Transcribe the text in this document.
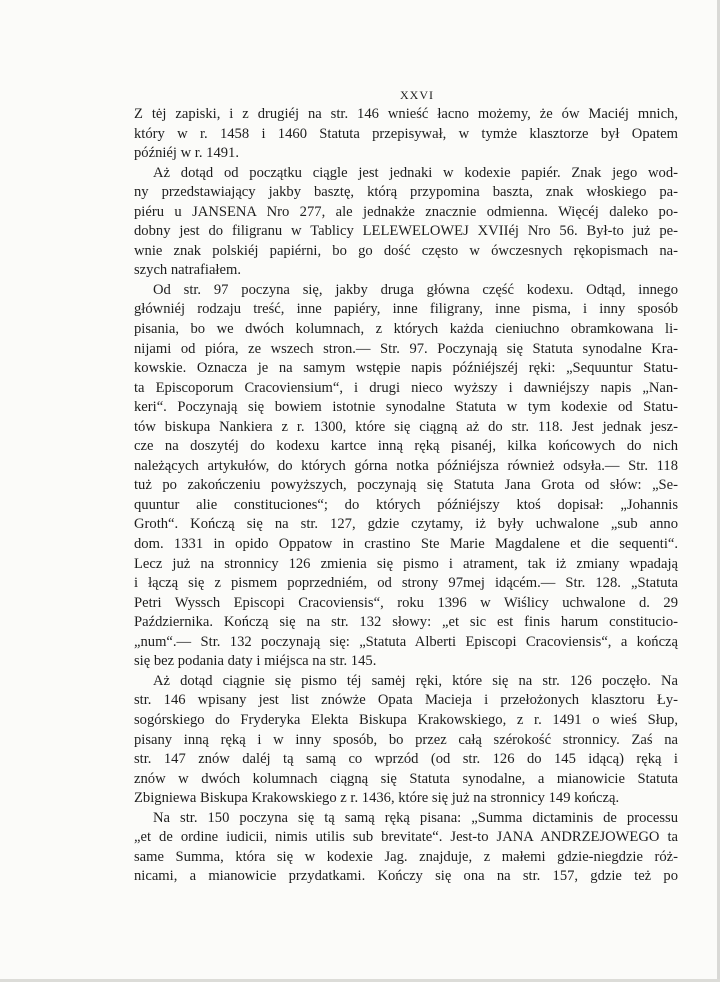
XXVI
Z tėj zapiski, i z drugiéj na str. 146 wnieść łacno możemy, że ów Maciéj mnich,
który w r. 1458 i 1460 Statuta przepisywał, w tymże klasztorze był Opatem
późniéj w r. 1491.
Aż dotąd od początku ciągle jest jednaki w kodexie papiér. Znak jego wod-
ny przedstawiający jakby basztę, którą przypomina baszta, znak włoskiego pa-
piéru u JANSENA Nro 277, ale jednakże znacznie odmienna. Więcéj daleko po-
dobny jest do filigranu w Tablicy LELEWELOWEJ XVIIéj Nro 56. Był-to już pe-
wnie znak polskiéj papiérni, bo go dość często w ówczesnych rękopismach na-
szych natrafiałem.
Od str. 97 poczyna się, jakby druga główna część kodexu. Odtąd, innego
główniéj rodzaju treść, inne papiéry, inne filigrany, inne pisma, i inny sposób
pisania, bo we dwóch kolumnach, z których każda cieniuchno obramkowana li-
nijami od pióra, ze wszech stron.— Str. 97. Poczynają się Statuta synodalne Kra-
kowskie. Oznacza je na samym wstępie napis późniéjszéj ręki: „Sequuntur Statu-
ta Episcoporum Cracoviensium“, i drugi nieco wyższy i dawniéjszy napis „Nan-
keri“. Poczynają się bowiem istotnie synodalne Statuta w tym kodexie od Statu-
tów biskupa Nankiera z r. 1300, które się ciągną aż do str. 118. Jest jednak jesz-
cze na doszytéj do kodexu kartce inną ręką pisanéj, kilka końcowych do nich
należących artykułów, do których górna notka późniéjsza również odsyła.— Str. 118
tuż po zakończeniu powyższych, poczynają się Statuta Jana Grota od słów: „Se-
quuntur alie constituciones“; do których późniéjszy ktoś dopisał: „Johannis
Groth“. Kończą się na str. 127, gdzie czytamy, iż były uchwalone „sub anno
dom. 1331 in opido Oppatow in crastino Ste Marie Magdalene et die sequenti“.
Lecz już na stronnicy 126 zmienia się pismo i atrament, tak iż zmiany wpadają
i łączą się z pismem poprzedniém, od strony 97mej idącém.— Str. 128. „Statuta
Petri Wyssch Episcopi Cracoviensis“, roku 1396 w Wiślicy uchwalone d. 29
Października. Kończą się na str. 132 słowy: „et sic est finis harum constitucio-
„num“.— Str. 132 poczynają się: „Statuta Alberti Episcopi Cracoviensis“, a kończą
się bez podania daty i miéjsca na str. 145.
Aż dotąd ciągnie się pismo téj samėj ręki, które się na str. 126 poczęło. Na
str. 146 wpisany jest list znówże Opata Macieja i przełożonych klasztoru Ły-
sogórskiego do Fryderyka Elekta Biskupa Krakowskiego, z r. 1491 o wieś Słup,
pisany inną ręką i w inny sposób, bo przez całą szérokość stronnicy. Zaś na
str. 147 znów daléj tą samą co wprzód (od str. 126 do 145 idącą) ręką i
znów w dwóch kolumnach ciągną się Statuta synodalne, a mianowicie Statuta
Zbigniewa Biskupa Krakowskiego z r. 1436, które się już na stronnicy 149 kończą.
Na str. 150 poczyna się tą samą ręką pisana: „Summa dictaminis de processu
„et de ordine iudicii, nimis utilis sub brevitate“. Jest-to JANA ANDRZEJOWEGO ta
same Summa, która się w kodexie Jag. znajduje, z małemi gdzie-niegdzie róż-
nicami, a mianowicie przydatkami. Kończy się ona na str. 157, gdzie też po
